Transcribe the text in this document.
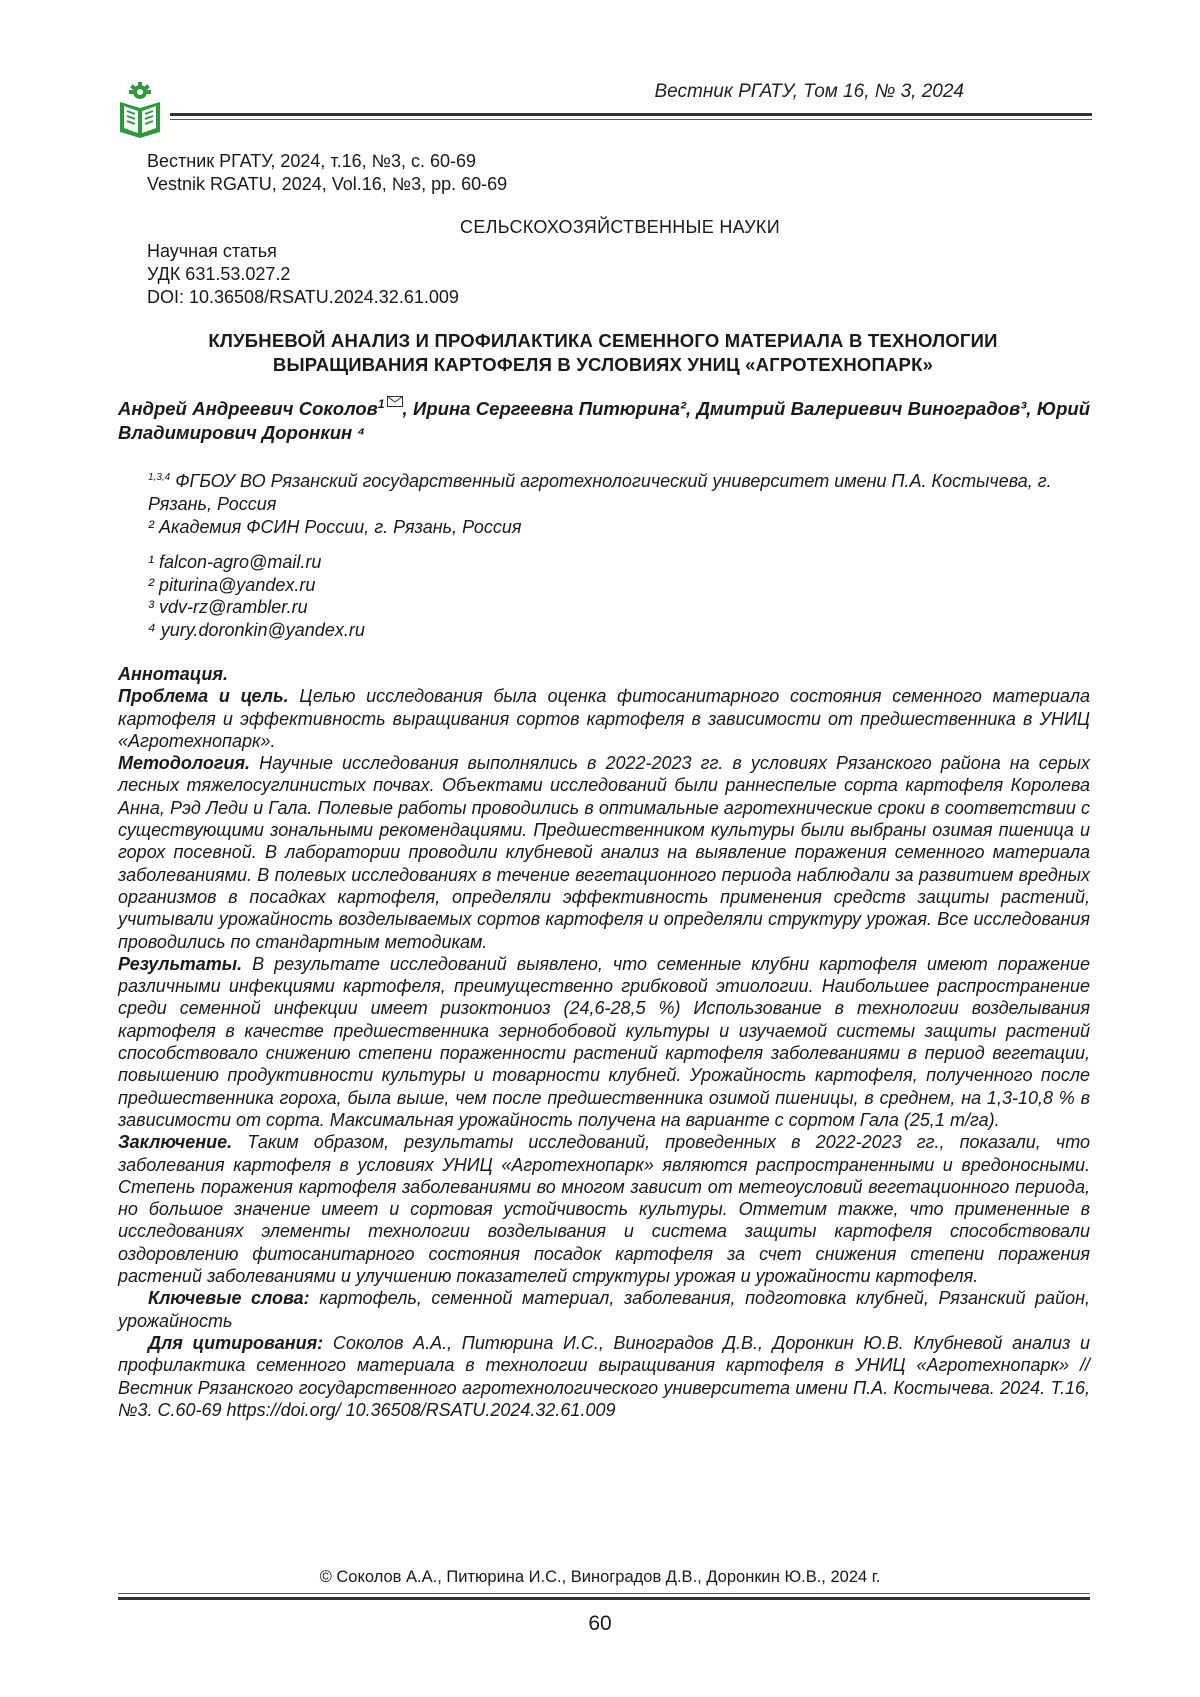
Вестник РГАТУ, Том 16, № 3, 2024
Вестник РГАТУ, 2024, т.16, №3, с. 60-69
Vestnik RGATU, 2024, Vol.16, №3, pp. 60-69
СЕЛЬСКОХОЗЯЙСТВЕННЫЕ НАУКИ
Научная статья
УДК 631.53.027.2
DOI: 10.36508/RSATU.2024.32.61.009
КЛУБНЕВОЙ АНАЛИЗ И ПРОФИЛАКТИКА СЕМЕННОГО МАТЕРИАЛА В ТЕХНОЛОГИИ
ВЫРАЩИВАНИЯ КАРТОФЕЛЯ В УСЛОВИЯХ УНИЦ «АГРОТЕХНОПАРК»
Андрей Андреевич Соколов$^1$ , Ирина Сергеевна Питюрина², Дмитрий Валериевич Виноградов³, Юрий Владимирович Доронкин ⁴
$^{1,3,4}$ ФГБОУ ВО Рязанский государственный агротехнологический университет имени П.А. Костычева, г. Рязань, Россия
² Академия ФСИН России, г. Рязань, Россия
¹ falcon-agro@mail.ru
² piturina@yandex.ru
³ vdv-rz@rambler.ru
⁴ yury.doronkin@yandex.ru

Аннотация.

Проблема и цель. Целью исследования была оценка фитосанитарного состояния семенного материала картофеля и эффективность выращивания сортов картофеля в зависимости от предшественника в УНИЦ «Агротехнопарк».

Методология. Научные исследования выполнялись в 2022-2023 гг. в условиях Рязанского района на серых лесных тяжелосуглинистых почвах. Объектами исследований были раннеспелые сорта картофеля Королева Анна, Рэд Леди и Гала. Полевые работы проводились в оптимальные агротехнические сроки в соответствии с существующими зональными рекомендациями. Предшественником культуры были выбраны озимая пшеница и горох посевной. В лаборатории проводили клубневой анализ на выявление поражения семенного материала заболеваниями. В полевых исследованиях в течение вегетационного периода наблюдали за развитием вредных организмов в посадках картофеля, определяли эффективность применения средств защиты растений, учитывали урожайность возделываемых сортов картофеля и определяли структуру урожая. Все исследования проводились по стандартным методикам.

Результаты. В результате исследований выявлено, что семенные клубни картофеля имеют поражение различными инфекциями картофеля, преимущественно грибковой этиологии. Наибольшее распространение среди семенной инфекции имеет ризоктониоз (24,6-28,5 %) Использование в технологии возделывания картофеля в качестве предшественника зернобобовой культуры и изучаемой системы защиты растений способствовало снижению степени пораженности растений картофеля заболеваниями в период вегетации, повышению продуктивности культуры и товарности клубней. Урожайность картофеля, полученного после предшественника гороха, была выше, чем после предшественника озимой пшеницы, в среднем, на 1,3-10,8 % в зависимости от сорта. Максимальная урожайность получена на варианте с сортом Гала (25,1 т/га).

Заключение. Таким образом, результаты исследований, проведенных в 2022-2023 гг., показали, что заболевания картофеля в условиях УНИЦ «Агротехнопарк» являются распространенными и вредоносными. Степень поражения картофеля заболеваниями во многом зависит от метеоусловий вегетационного периода, но большое значение имеет и сортовая устойчивость культуры. Отметим также, что примененные в исследованиях элементы технологии возделывания и система защиты картофеля способствовали оздоровлению фитосанитарного состояния посадок картофеля за счет снижения степени поражения растений заболеваниями и улучшению показателей структуры урожая и урожайности картофеля.

Ключевые слова: картофель, семенной материал, заболевания, подготовка клубней, Рязанский район, урожайность

Для цитирования: Соколов А.А., Питюрина И.С., Виноградов Д.В., Доронкин Ю.В. Клубневой анализ и профилактика семенного материала в технологии выращивания картофеля в УНИЦ «Агротехнопарк» // Вестник Рязанского государственного агротехнологического университета имени П.А. Костычева. 2024. Т.16, №3. С.60-69 https://doi.org/ 10.36508/RSATU.2024.32.61.009

© Соколов А.А., Питюрина И.С., Виноградов Д.В., Доронкин Ю.В., 2024 г.
60
